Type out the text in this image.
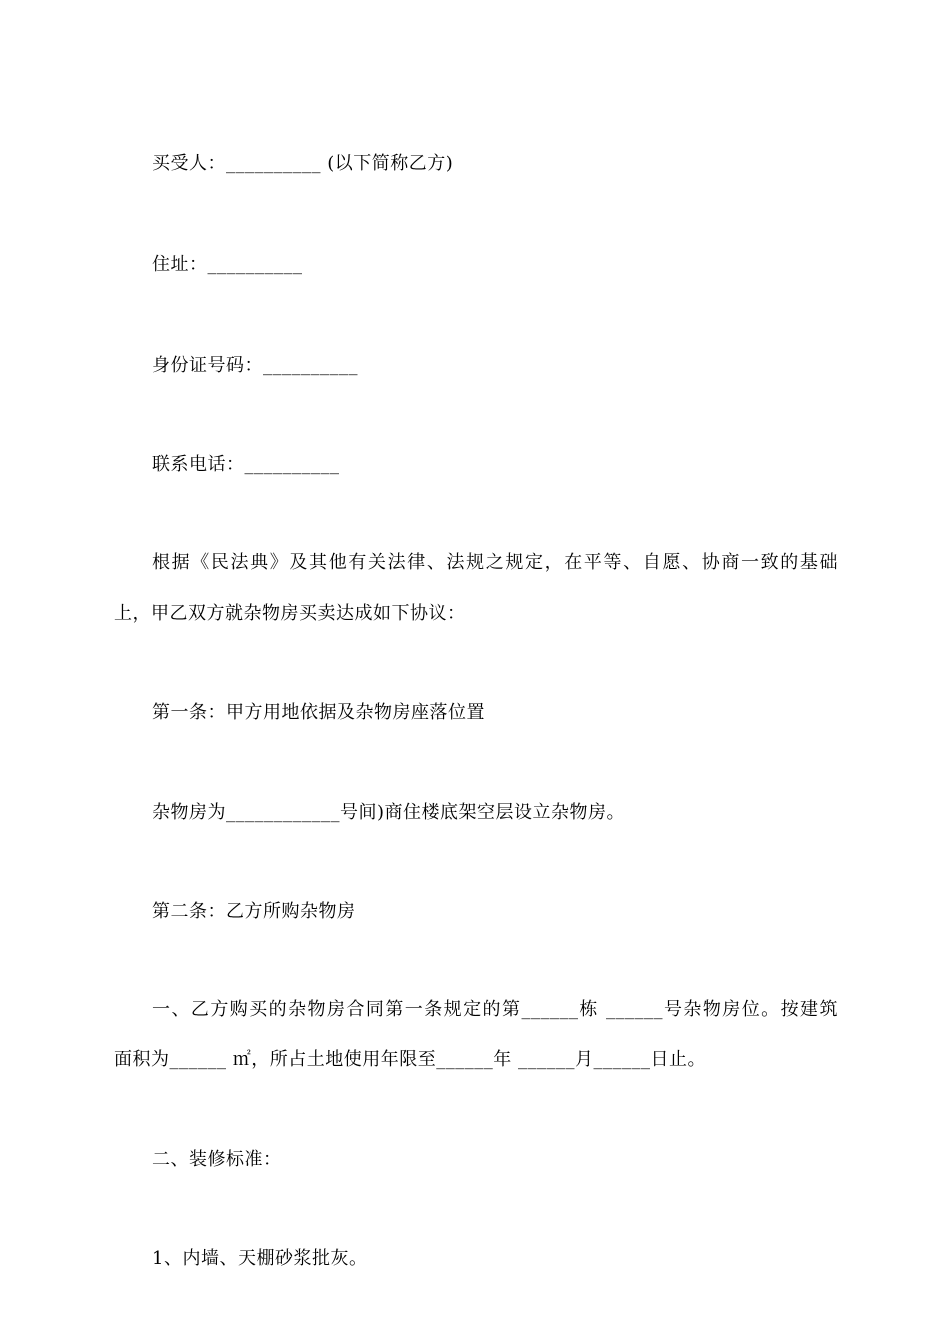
买受人：__________ (以下简称乙方)
住址：__________
身份证号码：__________
联系电话：__________
根据《民法典》及其他有关法律、法规之规定，在平等、自愿、协商一致的基础
上，甲乙双方就杂物房买卖达成如下协议：
第一条：甲方用地依据及杂物房座落位置
杂物房为____________号间)商住楼底架空层设立杂物房。
第二条：乙方所购杂物房
一、乙方购买的杂物房合同第一条规定的第______栋 ______号杂物房位。按建筑
面积为______ ㎡，所占土地使用年限至______年 ______月______日止。
二、装修标准：
1、内墙、天棚砂浆批灰。
